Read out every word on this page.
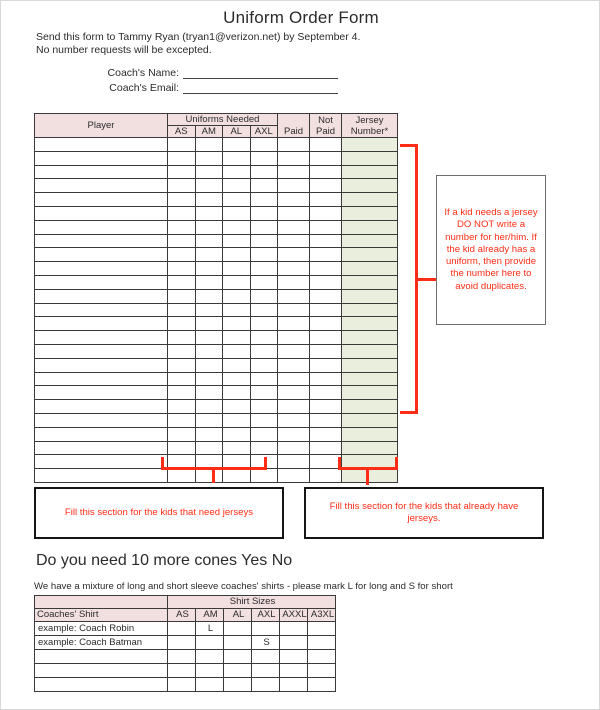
Uniform Order Form
Send this form to Tammy Ryan (tryan1@verizon.net) by September 4.
No number requests will be excepted.
Coach's Name:
Coach's Email:
Player	Uniforms Needed				Paid	Not Paid	Jersey Number*
	AS	AM	AL	AXL			

If a kid needs a jersey DO NOT write a number for her/him. If the kid already has a uniform, then provide the number here to avoid duplicates.
Fill this section for the kids that need jerseys
Fill this section for the kids that already have jerseys.
Do you need 10 more cones Yes No
We have a mixture of long and short sleeve coaches' shirts - please mark L for long and S for short
	Shirt Sizes					
Coaches' Shirt	AS	AM	AL	AXL	AXXL	A3XL
example: Coach Robin		L				
example: Coach Batman				S		
